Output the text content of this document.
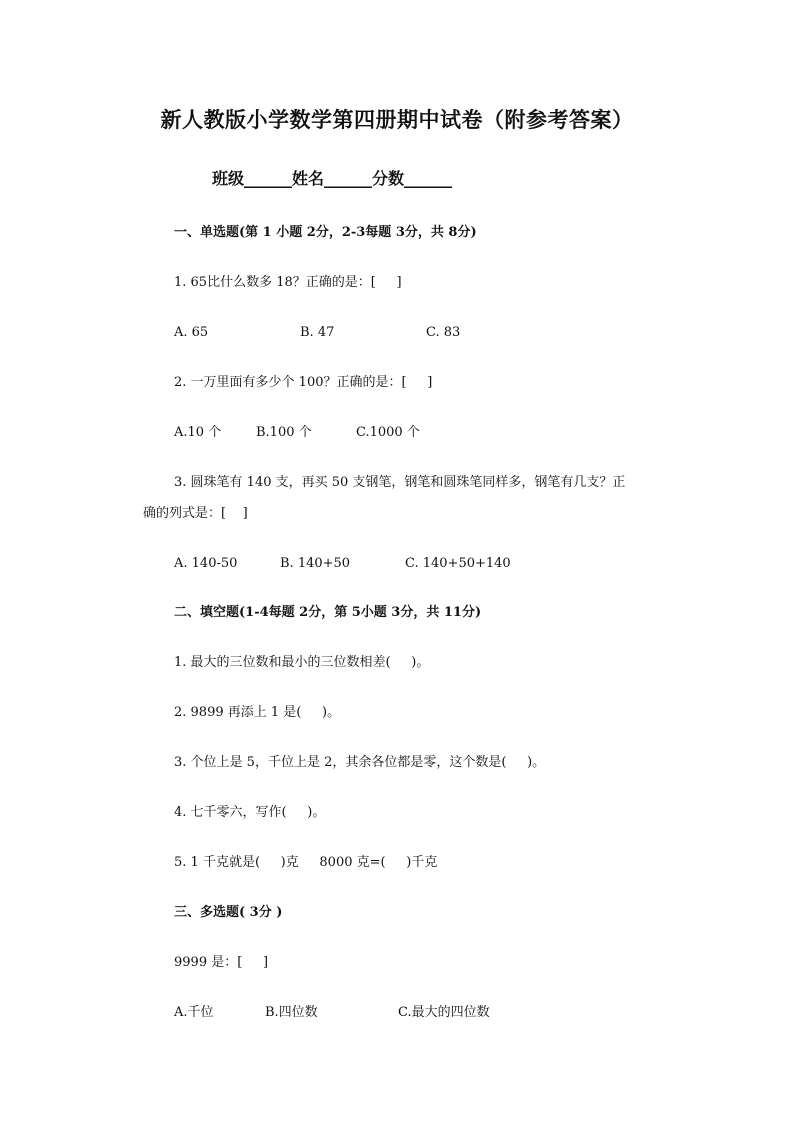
新人教版小学数学第四册期中试卷（附参考答案）
班级______姓名______分数______
一、单选题(第 1 小题 2分，2-3每题 3分，共 8分)
1. 65比什么数多 18？正确的是：[     ]
A. 65	B. 47	C. 83
2. 一万里面有多少个 100？正确的是：[     ]
A.10 个	B.100 个	C.1000 个
3. 圆珠笔有 140 支，再买 50 支钢笔，钢笔和圆珠笔同样多，钢笔有几支？正
确的列式是：[    ]
A. 140-50	B. 140+50	C. 140+50+140
二、填空题(1-4每题 2分，第 5小题 3分，共 11分)
1. 最大的三位数和最小的三位数相差(     )。
2. 9899 再添上 1 是(     )。
3. 个位上是 5，千位上是 2，其余各位都是零，这个数是(     )。
4. 七千零六，写作(     )。
5. 1 千克就是(     )克     8000 克=(     )千克
三、多选题( 3分 )
9999 是：[     ]
A.千位	B.四位数	C.最大的四位数
